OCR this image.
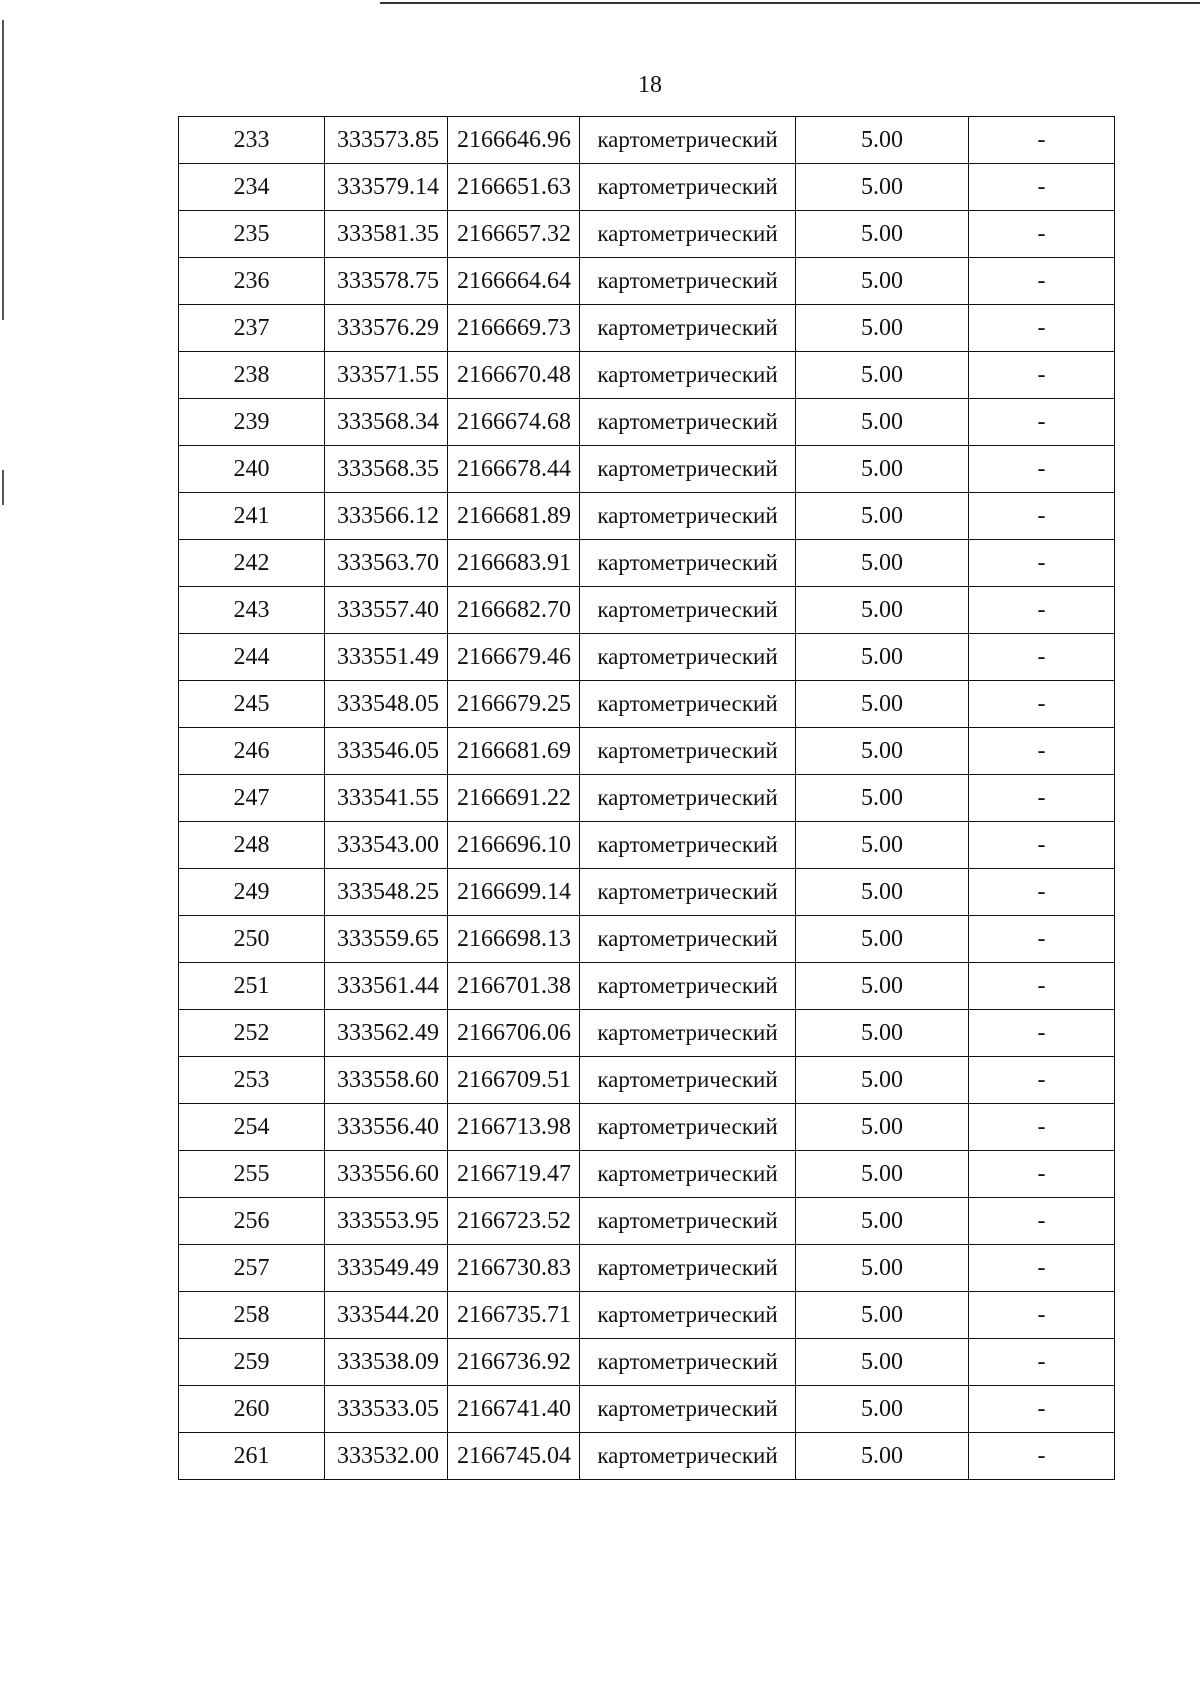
18
233	333573.85	2166646.96	картометрический	5.00	-
234	333579.14	2166651.63	картометрический	5.00	-
235	333581.35	2166657.32	картометрический	5.00	-
236	333578.75	2166664.64	картометрический	5.00	-
237	333576.29	2166669.73	картометрический	5.00	-
238	333571.55	2166670.48	картометрический	5.00	-
239	333568.34	2166674.68	картометрический	5.00	-
240	333568.35	2166678.44	картометрический	5.00	-
241	333566.12	2166681.89	картометрический	5.00	-
242	333563.70	2166683.91	картометрический	5.00	-
243	333557.40	2166682.70	картометрический	5.00	-
244	333551.49	2166679.46	картометрический	5.00	-
245	333548.05	2166679.25	картометрический	5.00	-
246	333546.05	2166681.69	картометрический	5.00	-
247	333541.55	2166691.22	картометрический	5.00	-
248	333543.00	2166696.10	картометрический	5.00	-
249	333548.25	2166699.14	картометрический	5.00	-
250	333559.65	2166698.13	картометрический	5.00	-
251	333561.44	2166701.38	картометрический	5.00	-
252	333562.49	2166706.06	картометрический	5.00	-
253	333558.60	2166709.51	картометрический	5.00	-
254	333556.40	2166713.98	картометрический	5.00	-
255	333556.60	2166719.47	картометрический	5.00	-
256	333553.95	2166723.52	картометрический	5.00	-
257	333549.49	2166730.83	картометрический	5.00	-
258	333544.20	2166735.71	картометрический	5.00	-
259	333538.09	2166736.92	картометрический	5.00	-
260	333533.05	2166741.40	картометрический	5.00	-
261	333532.00	2166745.04	картометрический	5.00	-
